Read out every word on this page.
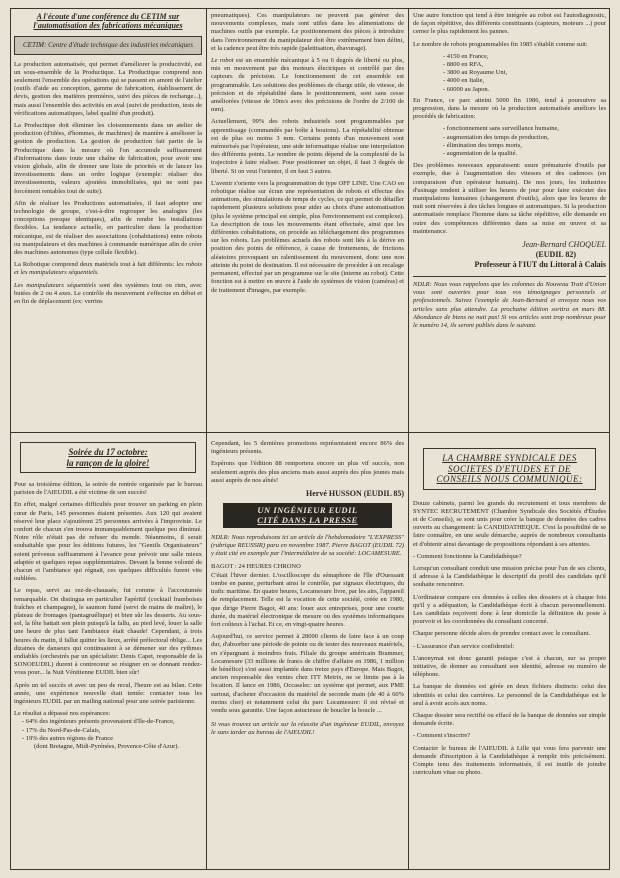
A l'écoute d'une conférence du CETIM sur l'automatisation des fabrications mécaniques
CETIM: Centre d'étude technique des industries mécaniques

La production automatisée, qui permet d'améliorer la productivité, est un sous-ensemble de la Productique. La Productique comprend non seulement l'ensemble des opérations qui se passent en amont de l'atelier (outils d'aide au conception, gamme de fabrication, établissement de devis, gestion des matières premières, suivi des pièces de rechange...), mais aussi l'ensemble des activités en aval (suivi de production, tests de vérifications automatiques, label qualité d'un produit).

La Productique doit éliminer les cloisonnements dans un atelier de production (d'idées, d'hommes, de machines) de manière à améliorer la gestion de production. La gestion de production fait partie de la Productique dans la mesure où l'on accumule suffisamment d'informations dans toute une chaîne de fabrication, pour avoir une vision globale, afin de donner une liste de priorités et de lancer les investissements dans un ordre logique (exemple: réaliser des investissements, valeurs ajoutées immobilisées, qui ne sont pas forcément rentables tout de suite).

Afin de réaliser les Productions automatisées, il faut adopter une technologie de groupe, c'est-à-dire regrouper les analogies (les conceptions presque identiques), afin de rendre les installations flexibles. La tendance actuelle, en particulier dans la production mécanique, est de réaliser des associations (cohabitations) entre robots ou manipulateurs et des machines à commande numérique afin de créer des machines autonomes (type cellule flexible).

La Robotique comprend deux matériels tout à fait différents: les robots et les manipulateurs séquentiels.

Les manipulateurs séquentiels sont des systèmes tout ou rien, avec butées de 2 ou 4 axes. Le contrôle du mouvement s'effectue en début et en fin de déplacement (ex: verrins

pneumatiques). Ces manipulateurs ne peuvent pas générer des mouvements complexes, mais sont utiles dans les alimentations de machines outils par exemple. Le positionnement des pièces à introduire dans l'environnement du manipulateur doit être extrêmement bien défini, et la cadence peut être très rapide (palettisation, ébavurage).

Le robot est un ensemble mécanique à 5 ou 6 degrés de liberté ou plus, mis en mouvement par des moteurs électriques et contrôlé par des capteurs de précision. Le fonctionnement de cet ensemble est programmable. Les solutions des problèmes de charge utile, de vitesse, de précision et de répétabilité dans le positionnement, sont sans cesse améliorées (vitesse de 10m/s avec des précisions de l'ordre de 2/100 de mm).

Actuellement, 99% des robots industriels sont programmables par apprentissage (commandés par boîte à boutons). La répétabilité obtenue est de plus ou moins 3 mm. Certains points d'un mouvement sont mémorisés par l'opérateur, une aide informatique réalise une interpolation des différents points. Le nombre de points dépend de la complexité de la trajectoire à faire réaliser. Pour positionner un objet, il faut 3 degrés de liberté. Si on veut l'orienter, il en faut 3 autres.

L'avenir s'oriente vers la programmation de type OFF LINE. Une CAO en robotique réalise sur écran une représentation de robots et effectue des animations, des simulations de temps de cycles, ce qui permet de détailler rapidement plusieurs solutions pour aider au choix d'une automatisation (plus le système principal est simple, plus l'environnement est complexe). La description de tous les mouvements étant effectuée, ainsi que les différentes cohabitations, on procède au téléchargement des programmes sur les robots. Les problèmes actuels des robots sont liés à la dérive en position des points de référence, à cause de frottements, de frictions aléatoires provoquant un ralentissement du mouvement, donc une non atteinte du point de destination. Il est nécessaire de procéder à un recalage permanent, effectué par un programme sur le site (interne au robot). Cette fonction est à mettre en œuvre à l'aide de systèmes de vision (caméras) et de traitement d'images, par exemple.

Une autre fonction qui tend à être intégrée au robot est l'autodiagnostic, de façon répétitive, des différents constituants (capteurs, moteurs ...) pour cerner le plus rapidement les pannes.

Le nombre de robots programmables fin 1985 s'établit comme suit:

- 4150 en France,
- 8800 en RFA,
- 3800 au Royaume Uni,
- 4000 en Italie,
- 60000 au Japon.

En France, ce parc atteint 5000 fin 1986, tend à poursuivre sa progression, dans la mesure où la production automatisée améliore les procédés de fabrication:

- fonctionnement sans surveillance humaine,
- augmentation des temps de production,
- élimination des temps morts,
- augmentation de la qualité.

Des problèmes nouveaux apparaissent: usure prématurée d'outils par exemple, due à l'augmentation des vitesses et des cadences (en comparaison d'un opérateur humain). De nos jours, les industries d'usinage tendent à utiliser les heures de jour pour faire exécuter des manipulations humaines (changement d'outils), alors que les heures de nuit sont réservées à des tâches longues et automatiques. Si la production automatisée remplace l'homme dans sa tâche répétitive, elle demande en outre des compétences différentes dans sa mise en œuvre et sa maintenance.

Jean-Bernard CHOQUEL
(EUDIL 82)
Professeur à l'IUT du Littoral à Calais

NDLR: Nous vous rappelons que les colonnes du Nouveau Trait d'Union vous sont ouvertes pour tous vos témoignages personnels et professionnels. Suivez l'exemple de Jean-Bernard et envoyez nous vos articles sans plus attendre. La prochaine édition sortira en mars 88. Abondance de biens ne nuit pas! Si vos articles sont trop nombreux pour le numéro 14, ils seront publiés dans le suivant.

Soirée du 17 octobre:
la rançon de la gloire!

Pour sa troisième édition, la soirée de rentrée organisée par le bureau parisien de l'AIEUDIL a été victime de son succès!

En effet, malgré certaines difficultés pour trouver un parking en plein cœur de Paris, 145 personnes étaient présentes. Aux 120 qui avaient réservé leur place s'ajoutèrent 25 personnes arrivées à l'improviste. Le confort de chacun s'en trouva immanquablement quelque peu diminué. Notre rôle n'était pas de refuser du monde. Néanmoins, il serait souhaitable que pour les éditions futures, les "Gentils Organisateurs" soient prévenus suffisamment à l'avance pour prévoir une salle mieux adaptée et quelques repas supplémentaires. Devant la bonne volonté de chacun et l'ambiance qui régnait, ces quelques difficultés furent vite oubliées.

Le repas, servi au rez-de-chaussée, fut comme à l'accoutumée remarquable. On distingua en particulier l'apéritif (cocktail framboises fraîches et champagne), le saumon fumé (servi de mains de maître), le plateau de fromages (pantagruélique) et bien sûr les desserts. Au sous-sol, la fête battait son plein puisqu'à la fallu, au pied levé, louer la salle une heure de plus tant l'ambiance était chaude! Cependant, à trois heures du matin, il fallut quitter les lieux, arrêté préfectoral oblige... Les dizaines de danseurs qui continuaient à se démener sur des rythmes endiablés (orchestrés par un spécialiste: Denis Capet, responsable de la SONOEUDIL) durent à contrecœur se résigner en se donnant rendez-vous pour... la Nuit Vénitienne EUDIL bien sûr!

Après un tel succès et avec un peu de recul, l'heure est au bilan. Cette année, une expérience nouvelle était tentée: contacter tous les ingénieurs EUDIL par un mailing national pour une soirée parisienne.

Le résultat a dépassé nos espérances:

- 64% des ingénieurs présents provenaient d'Ile-de-France,
- 17% du Nord-Pas-de-Calais,
- 19% des autres régions de France
(dont Bretagne, Midi-Pyrénées, Provence-Côte d'Azur).

Cependant, les 5 dernières promotions représentaient encore 86% des ingénieurs présents.

Espérons que l'édition 88 remportera encore un plus vif succès, non seulement auprès des plus anciens mais aussi auprès des plus jeunes mais aussi auprès de nos aînés!

Hervé HUSSON (EUDIL 85)
UN INGÉNIEUR EUDIL
CITÉ DANS LA PRESSE

NDLR: Nous reproduisons ici un article de l'hebdomadaire "L'EXPRESS" (rubrique REUSSIR) paru en novembre 1987. Pierre BAGOT (EUDIL 72) y était cité en exemple par l'intermédiaire de sa société: LOCAMESURE.

BAGOT : 24 HEURES CHRONO

C'était l'hiver dernier. L'oscilloscope du sémaphore de l'île d'Ouessant tombe en panne, perturbant ainsi le contrôle, par signaux électriques, du trafic maritime. En quatre heures, Locamesure livre, par les airs, l'appareil de remplacement. Telle est la vocation de cette société, créée en 1980, que dirige Pierre Bagot, 40 ans: louer aux entreprises, pour une courte durée, du matériel électronique de mesure ou des systèmes informatiques fort coûteux à l'achat. Et ce, en vingt-quatre heures.

Aujourd'hui, ce service permet à 28000 clients de faire face à un coup dur, d'absorber une période de pointe ou de tester des nouveaux matériels, en s'épargnant à moindres frais. Filiale du groupe américain Brammer, Locamesure (33 millions de francs de chiffre d'affaire en 1986, 1 million de bénéfice) s'est aussi implantée dans treize pays d'Europe. Mais Bagot, ancien responsable des ventes chez ITT Metrix, ne se limite pas à la location. Il lance en 1986, Occaselec: un système qui permet, aux PME surtout, d'acheter d'occasion du matériel de seconde main (de 40 à 60% moins cher) et notamment celui du parc Locamesure: il est révisé et vendu sous garantie. Une façon astucieuse de boucler la boucle ...

Si vous trouvez un article sur la réussite d'un ingénieur EUDIL, envoyez le sans tarder au bureau de l'AIEUDIL!

LA CHAMBRE SYNDICALE DES SOCIETES D'ETUDES ET DE CONSEILS NOUS COMMUNIQUE:

Douze cabinets, parmi les grands du recrutement et tous membres de SYNTEC RECRUTEMENT (Chambre Syndicale des Sociétés d'Études et de Conseils), se sont unis pour créer la banque de données des cadres ouverts au changement: la CANDIDATHEQUE. C'est la possibilité de se faire connaître, en une seule démarche, auprès de nombreux consultants et d'obtenir ainsi davantage de propositions répondant à ses attentes.

- Comment fonctionne la Candidathèque?

Lorsqu'un consultant conduit une mission précise pour l'un de ses clients, il adresse à la Candidathèque le descriptif du profil des candidats qu'il souhaite rencontrer.

L'ordinateur compare ces données à celles des dossiers et à chaque fois qu'il y a adéquation, la Candidathèque écrit à chacun personnellement. Les candidats reçoivent donc à leur domicile la définition du poste à pourvoir et les coordonnées du consultant concerné.

Chaque personne décide alors de prendre contact avec le consultant.

- L'assurance d'un service confidentiel:

L'anonymat est donc garanti puisque c'est à chacun, sur sa propre initiative, de donner au consultant son identité, adresse ou numéro de téléphone.

La banque de données est gérée en deux fichiers distincts: celui des identités et celui des carrières. Le personnel de la Candidathèque est le seul à avoir accès aux noms.

Chaque dossier sera rectifié ou effacé de la banque de données sur simple demande écrite.

- Comment s'inscrire?

Contacter le bureau de l'AIEUDIL à Lille qui vous fera parvenir une demande d'inscription à la Candidathèque à remplir très précisément. Compte tenu des traitements informatisés, il est inutile de joindre curriculum vitae ou photo.
